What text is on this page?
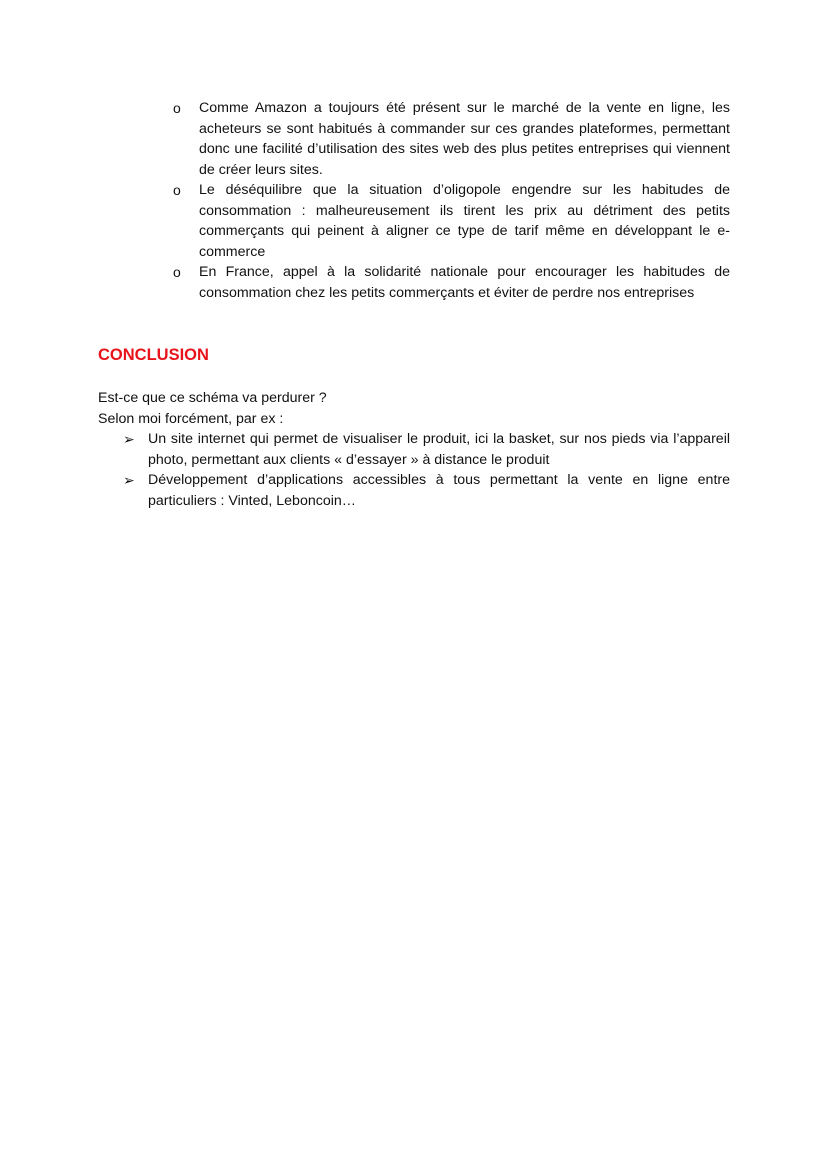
o Comme Amazon a toujours été présent sur le marché de la vente en ligne, les acheteurs se sont habitués à commander sur ces grandes plateformes, permettant donc une facilité d’utilisation des sites web des plus petites entreprises qui viennent de créer leurs sites.
o Le déséquilibre que la situation d’oligopole engendre sur les habitudes de consommation : malheureusement ils tirent les prix au détriment des petits commerçants qui peinent à aligner ce type de tarif même en développant le e-commerce
o En France, appel à la solidarité nationale pour encourager les habitudes de consommation chez les petits commerçants et éviter de perdre nos entreprises
CONCLUSION

Est-ce que ce schéma va perdurer ?

Selon moi forcément, par ex :

➢ Un site internet qui permet de visualiser le produit, ici la basket, sur nos pieds via l’appareil photo, permettant aux clients « d’essayer » à distance le produit
➢ Développement d’applications accessibles à tous permettant la vente en ligne entre particuliers : Vinted, Leboncoin…
